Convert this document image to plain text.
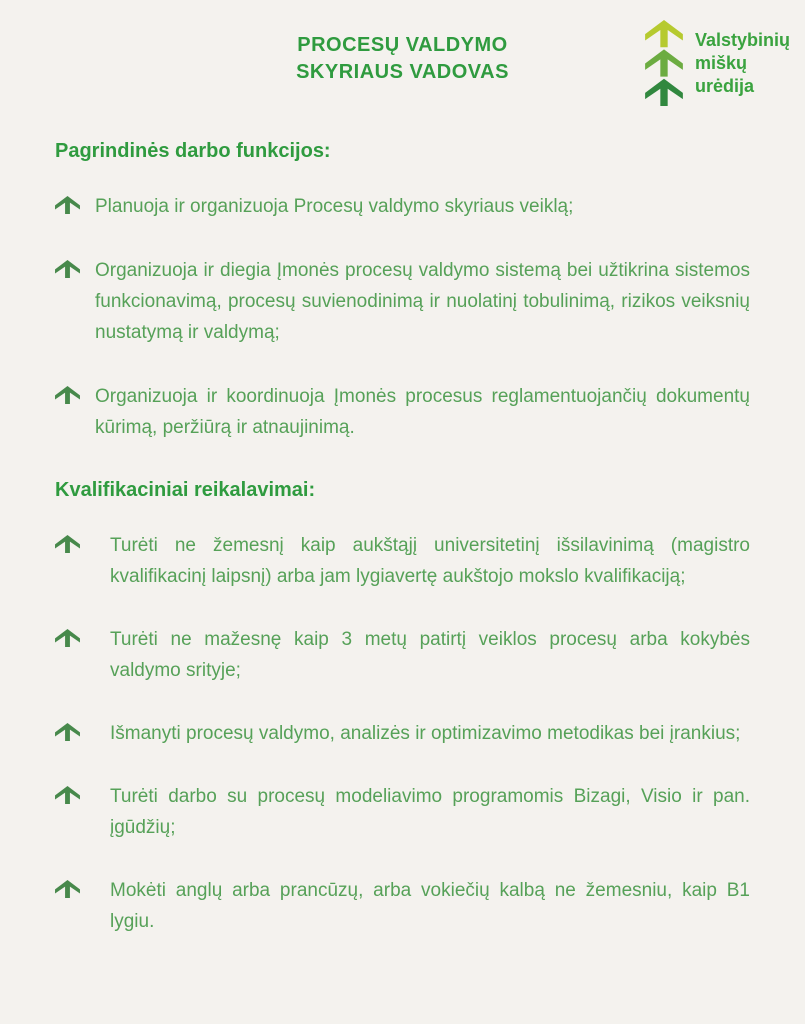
PROCESŲ VALDYMO
SKYRIAUS VADOVAS
Valstybinių
miškų
urėdija
Pagrindinės darbo funkcijos:

Planuoja ir organizuoja Procesų valdymo skyriaus veiklą;

Organizuoja ir diegia Įmonės procesų valdymo sistemą bei užtikrina sistemos funkcionavimą, procesų suvienodinimą ir nuolatinį tobulinimą, rizikos veiksnių nustatymą ir valdymą;

Organizuoja ir koordinuoja Įmonės procesus reglamentuojančių dokumentų kūrimą, peržiūrą ir atnaujinimą.

Kvalifikaciniai reikalavimai:

Turėti ne žemesnį kaip aukštąjį universitetinį išsilavinimą (magistro kvalifikacinį laipsnį) arba jam lygiavertę aukštojo mokslo kvalifikaciją;

Turėti ne mažesnę kaip 3 metų patirtį veiklos procesų arba kokybės valdymo srityje;

Išmanyti procesų valdymo, analizės ir optimizavimo metodikas bei įrankius;

Turėti darbo su procesų modeliavimo programomis Bizagi, Visio ir pan. įgūdžių;

Mokėti anglų arba prancūzų, arba vokiečių kalbą ne žemesniu, kaip B1 lygiu.
